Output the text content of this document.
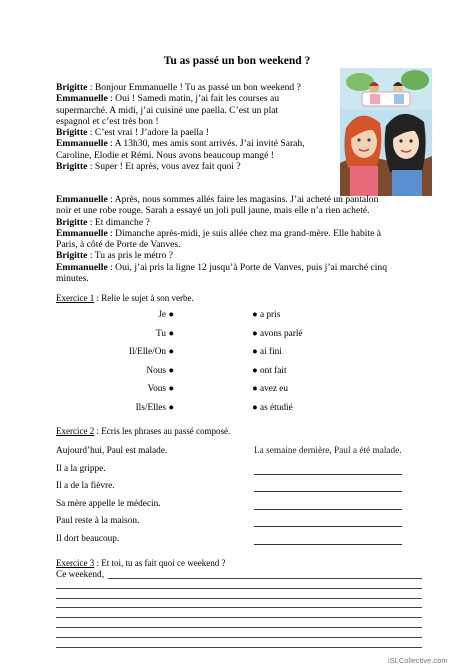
Tu as passé un bon weekend ?
Brigitte : Bonjour Emmanuelle ! Tu as passé un bon weekend ?
Emmanuelle : Oui ! Samedi matin, j’ai fait les courses au
supermarché. A midi, j’ai cuisiné une paella. C’est un plat
espagnol et c’est très bon !
Brigitte : C’est vrai ! J’adore la paella !
Emmanuelle : A 13h30, mes amis sont arrivés. J’ai invité Sarah,
Caroline, Elodie et Rémi. Nous avons beaucoup mangé !
Brigitte : Super ! Et après, vous avez fait quoi ?
Emmanuelle : Après, nous sommes allés faire les magasins. J’ai acheté un pantalon
noir et une robe rouge. Sarah a essayé un joli pull jaune, mais elle n’a rien acheté.
Brigitte : Et dimanche ?
Emmanuelle : Dimanche après-midi, je suis allée chez ma grand-mère. Elle habite à
Paris, à côté de Porte de Vanves.
Brigitte : Tu as pris le métro ?
Emmanuelle : Oui, j’ai pris la ligne 12 jusqu’à Porte de Vanves, puis j’ai marché cinq
minutes.
Exercice 1 : Relie le sujet à son verbe.
Je ●	● a pris
Tu ●	● avons parlé
Il/Elle/On ●	● ai fini
Nous ●	● ont fait
Vous ●	● avez eu
Ils/Elles ●	● as étudié
Exercice 2 : Ecris les phrases au passé composé.
Aujourd’hui, Paul est malade.	La semaine dernière, Paul a été malade.
Il a la grippe.
Il a de la fièvre.
Sa mère appelle le médecin.
Paul reste à la maison.
Il dort beaucoup.
Exercice 3 : Et toi, tu as fait quoi ce weekend ?
Ce weekend,
iSLCollective.com
